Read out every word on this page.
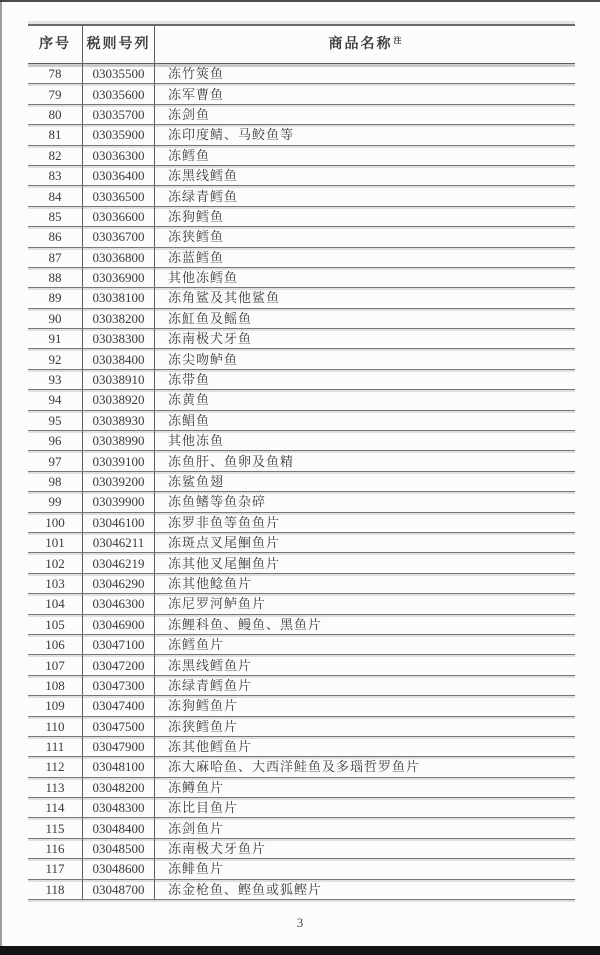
序号	税则号列	商品名称$^注$
78	03035500	冻竹筴鱼
79	03035600	冻军曹鱼
80	03035700	冻剑鱼
81	03035900	冻印度鲭、马鲛鱼等
82	03036300	冻鳕鱼
83	03036400	冻黑线鳕鱼
84	03036500	冻绿青鳕鱼
85	03036600	冻狗鳕鱼
86	03036700	冻狭鳕鱼
87	03036800	冻蓝鳕鱼
88	03036900	其他冻鳕鱼
89	03038100	冻角鲨及其他鲨鱼
90	03038200	冻魟鱼及鳐鱼
91	03038300	冻南极犬牙鱼
92	03038400	冻尖吻鲈鱼
93	03038910	冻带鱼
94	03038920	冻黄鱼
95	03038930	冻鲳鱼
96	03038990	其他冻鱼
97	03039100	冻鱼肝、鱼卵及鱼精
98	03039200	冻鲨鱼翅
99	03039900	冻鱼鳍等鱼杂碎
100	03046100	冻罗非鱼等鱼鱼片
101	03046211	冻斑点叉尾鮰鱼片
102	03046219	冻其他叉尾鮰鱼片
103	03046290	冻其他鲶鱼片
104	03046300	冻尼罗河鲈鱼片
105	03046900	冻鲤科鱼、鳗鱼、黑鱼片
106	03047100	冻鳕鱼片
107	03047200	冻黑线鳕鱼片
108	03047300	冻绿青鳕鱼片
109	03047400	冻狗鳕鱼片
110	03047500	冻狭鳕鱼片
111	03047900	冻其他鳕鱼片
112	03048100	冻大麻哈鱼、大西洋鲑鱼及多瑙哲罗鱼片
113	03048200	冻鳟鱼片
114	03048300	冻比目鱼片
115	03048400	冻剑鱼片
116	03048500	冻南极犬牙鱼片
117	03048600	冻鲱鱼片
118	03048700	冻金枪鱼、鲣鱼或狐鲣片
3
